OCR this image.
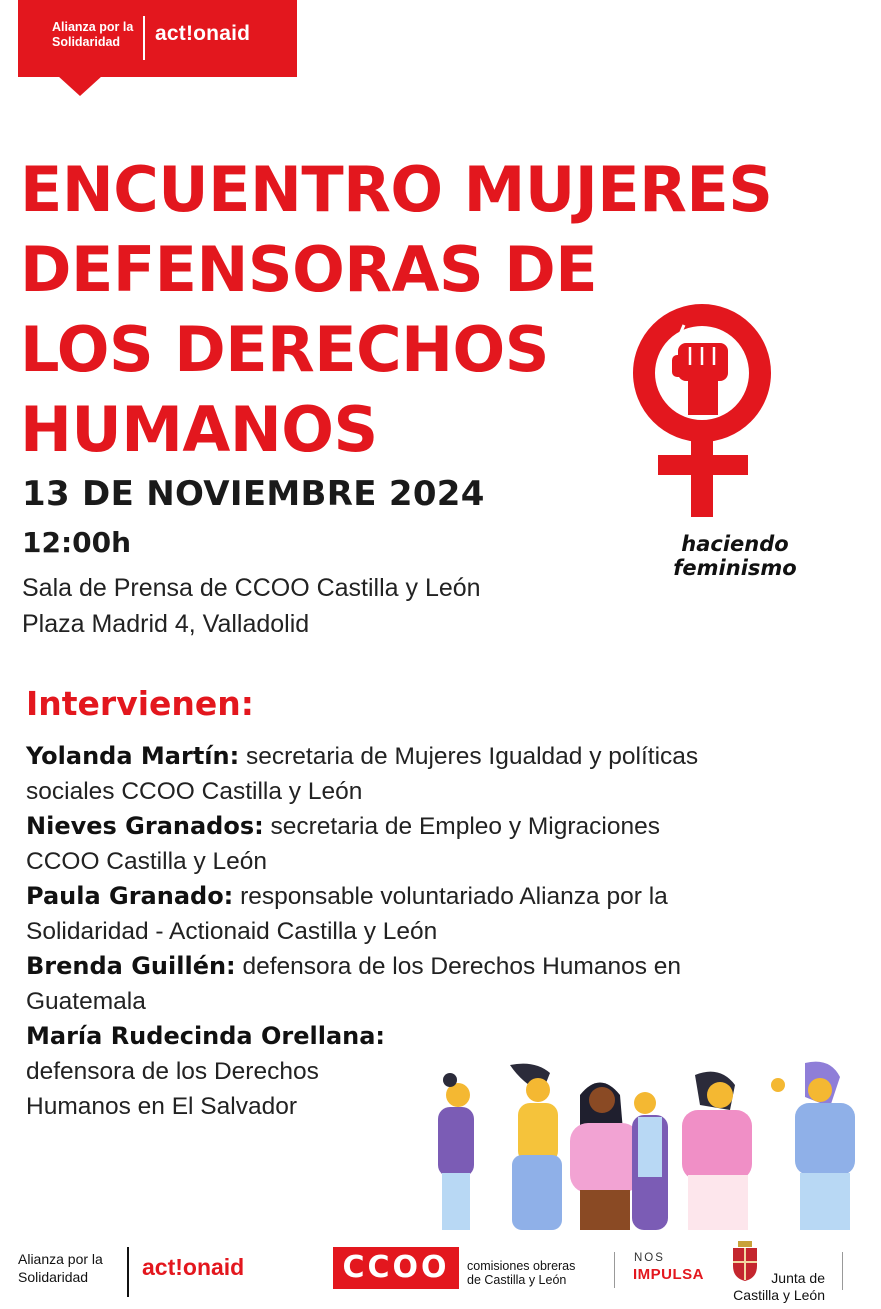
Alianza por la
Solidaridad	act!onaid
ENCUENTRO MUJERES
DEFENSORAS DE
LOS DERECHOS
HUMANOS
13 DE NOVIEMBRE 2024
12:00h
Sala de Prensa de CCOO Castilla y León
Plaza Madrid 4, Valladolid
haciendo
feminismo
Intervienen:
Yolanda Martín: secretaria de Mujeres Igualdad y políticas
sociales CCOO Castilla y León
Nieves Granados: secretaria de Empleo y Migraciones
CCOO Castilla y León
Paula Granado: responsable voluntariado Alianza por la
Solidaridad - Actionaid Castilla y León
Brenda Guillén: defensora de los Derechos Humanos en
Guatemala
María Rudecinda Orellana:
defensora de los Derechos
Humanos en El Salvador
Alianza por la
Solidaridad	act!onaid	CCOO	comisiones obreras
de Castilla y León
NOS
IMPULSA	Junta de
Castilla y León
